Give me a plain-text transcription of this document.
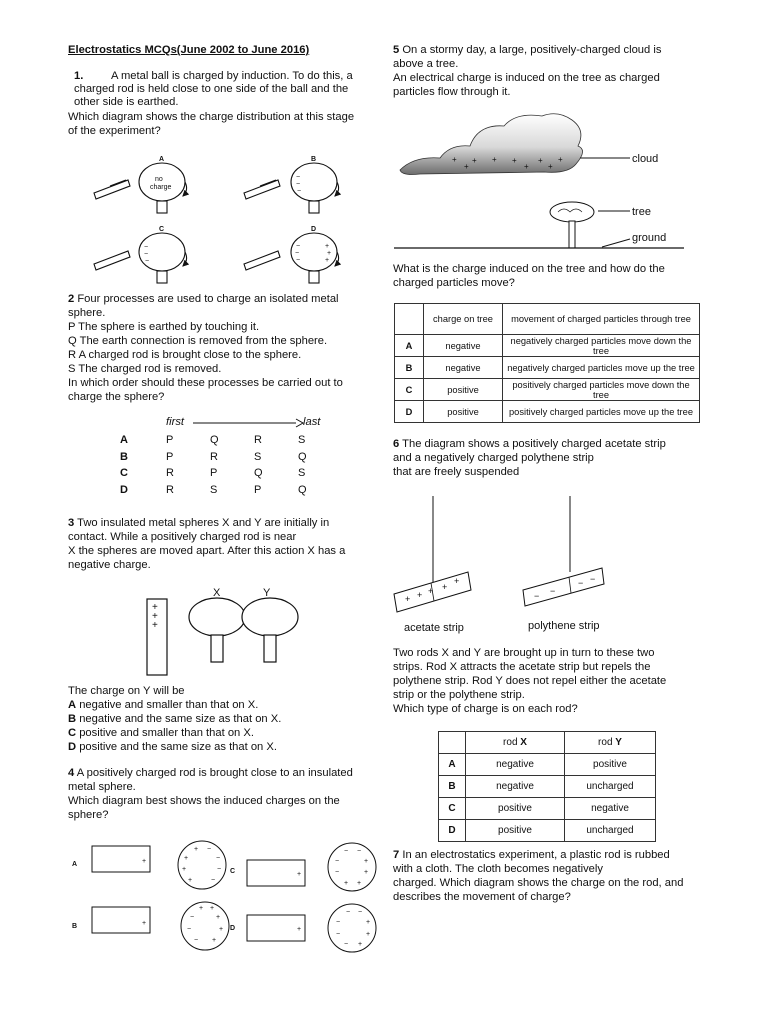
Electrostatics MCQs(June 2002 to June 2016)
1. A metal ball is charged by induction. To do this, a
charged rod is held close to one side of the ball and the
other side is earthed.
Which diagram shows the charge distribution at this stage
of the experiment?
A	B
C	D
no
charge
−
−
−
−
−
−
−
−
−
+
+
+
2 Four processes are used to charge an isolated metal
sphere.
P The sphere is earthed by touching it.
Q The earth connection is removed from the sphere.
R A charged rod is brought close to the sphere.
S The charged rod is removed.
In which order should these processes be carried out to
charge the sphere?
first	last
A	P	Q	R	S
B	P	R	S	Q
C	R	P	Q	S
D	R	S	P	Q
3 Two insulated metal spheres X and Y are initially in
contact. While a positively charged rod is near
X the spheres are moved apart. After this action X has a
negative charge.
+
+
+
X	Y
The charge on Y will be
A negative and smaller than that on X.
B negative and the same size as that on X.
C positive and smaller than that on X.
D positive and the same size as that on X.
4 A positively charged rod is brought close to an insulated
metal sphere.
Which diagram best shows the induced charges on the
sphere?
A
B
C
D
+
+
+
+
+ −
+	−
+	−
+	−
− −
−	+
−	+
+ +
+ +
−	+
−	+
− +
− −
−	+
−	+
− +
5 On a stormy day, a large, positively-charged cloud is
above a tree.
An electrical charge is induced on the tree as charged
particles flow through it.
+ + + +	+ +
+	+ +
cloud
tree
ground
What is the charge induced on the tree and how do the
charged particles move?
	charge on tree	movement of charged particles through tree
A	negative	negatively charged particles move down the tree
B	negative	negatively charged particles move up the tree
C	positive	positively charged particles move down the tree
D	positive	positively charged particles move up the tree
6 The diagram shows a positively charged acetate strip
and a negatively charged polythene strip
that are freely suspended
+ + + +
+
− −
− −
acetate strip	polythene strip
Two rods X and Y are brought up in turn to these two
strips. Rod X attracts the acetate strip but repels the
polythene strip. Rod Y does not repel either the acetate
strip or the polythene strip.
Which type of charge is on each rod?
	rod X	rod Y
A	negative	positive
B	negative	uncharged
C	positive	negative
D	positive	uncharged
7 In an electrostatics experiment, a plastic rod is rubbed
with a cloth. The cloth becomes negatively
charged. Which diagram shows the charge on the rod, and
describes the movement of charge?
